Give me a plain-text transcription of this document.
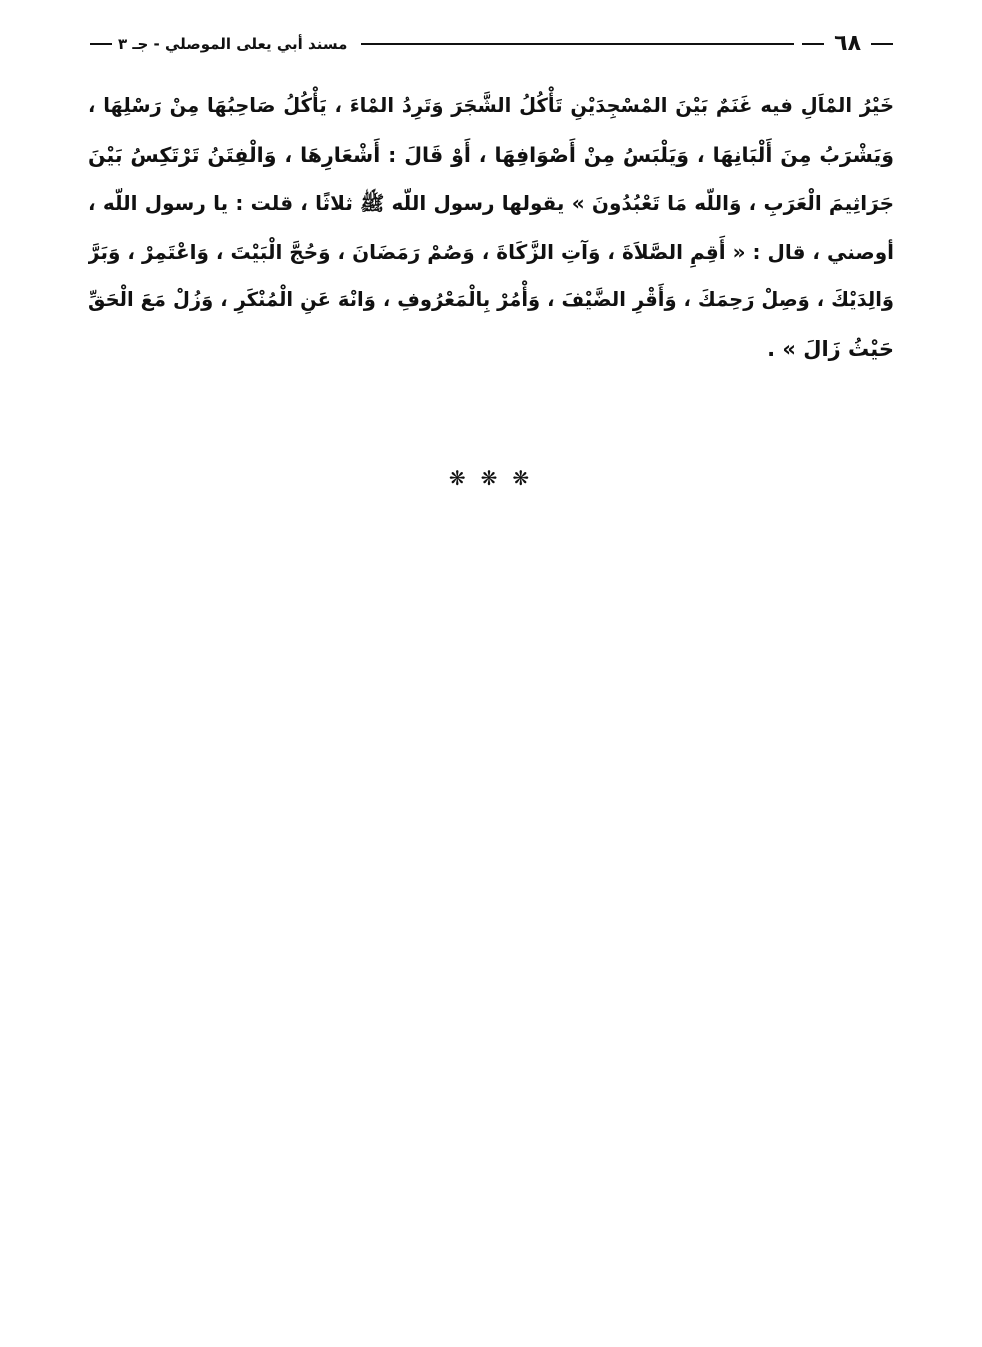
٦٨
مسند أبي يعلى الموصلي - جـ ٣
خَيْرُ المْاَلِ فيه غَنَمٌ بَيْنَ المْسْجِدَيْنِ تَأْكُلُ الشَّجَرَ وَتَرِدُ المْاءَ ، يَأْكُلُ صَاحِبُهَا مِنْ رَسْلِهَا ،
وَيَشْرَبُ مِنَ أَلْبَانِهَا ، وَيَلْبَسُ مِنْ أَصْوَافِهَا ، أَوْ قَالَ : أَشْعَارِهَا ، وَالْفِتَنُ تَرْتَكِسُ بَيْنَ
جَرَاثِيمَ الْعَرَبِ ، وَاللّه مَا تَعْبُدُونَ » يقولها رسول اللّه ﷺ ثلاثًا ، قلت : يا رسول اللّه ،
أوصني ، قال : « أَقِمِ الصَّلاَةَ ، وَآتِ الزَّكَاةَ ، وَصُمْ رَمَضَانَ ، وَحُجَّ الْبَيْتَ ، وَاعْتَمِرْ ، وَبَرَّ
وَالِدَيْكَ ، وَصِلْ رَحِمَكَ ، وَأَقْرِ الضَّيْفَ ، وَأْمُرْ بِالْمَعْرُوفِ ، وَانْهَ عَنِ الْمُنْكَرِ ، وَزُلْ مَعَ الْحَقِّ
حَيْثُ زَالَ » .
❋ ❋ ❋
